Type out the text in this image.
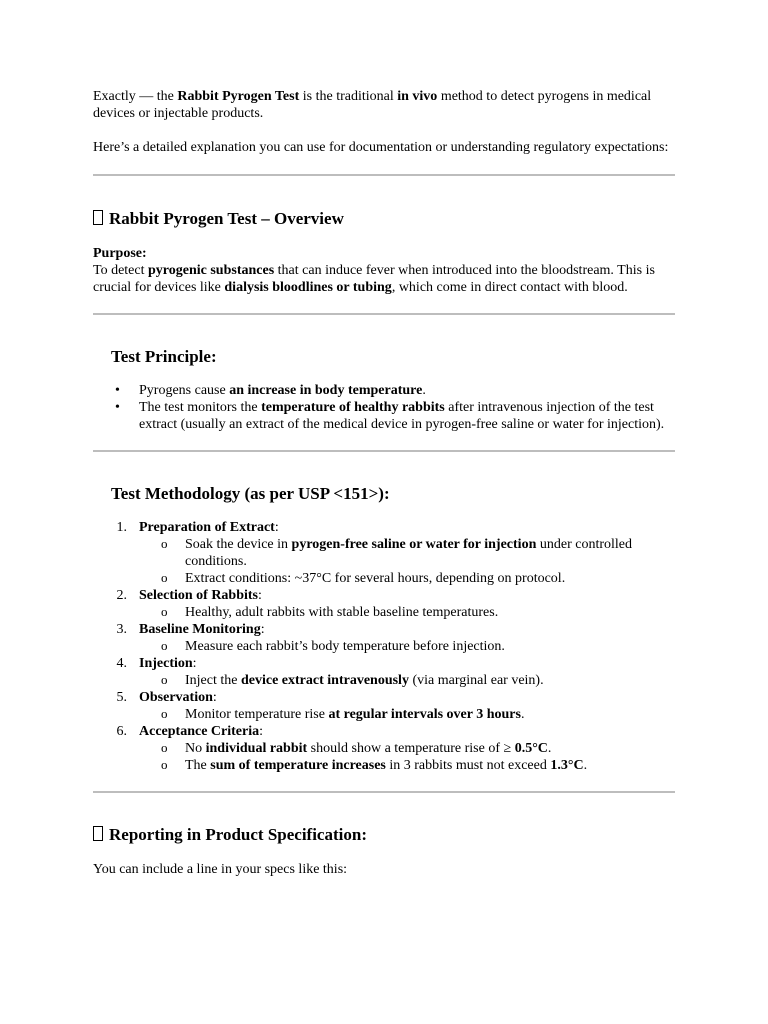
Exactly — the Rabbit Pyrogen Test is the traditional in vivo method to detect pyrogens in medical devices or injectable products.

Here’s a detailed explanation you can use for documentation or understanding regulatory expectations:

Rabbit Pyrogen Test – Overview

Purpose:

To detect pyrogenic substances that can induce fever when introduced into the bloodstream. This is crucial for devices like dialysis bloodlines or tubing, which come in direct contact with blood.

Test Principle:
• Pyrogens cause an increase in body temperature.
• The test monitors the temperature of healthy rabbits after intravenous injection of the test extract (usually an extract of the medical device in pyrogen-free saline or water for injection).
Test Methodology (as per USP <151>):
1. Preparation of Extract:
o Soak the device in pyrogen-free saline or water for injection under controlled conditions.
o Extract conditions: ~37°C for several hours, depending on protocol.
2. Selection of Rabbits:
o Healthy, adult rabbits with stable baseline temperatures.
3. Baseline Monitoring:
o Measure each rabbit’s body temperature before injection.
4. Injection:
o Inject the device extract intravenously (via marginal ear vein).
5. Observation:
o Monitor temperature rise at regular intervals over 3 hours.
6. Acceptance Criteria:
o No individual rabbit should show a temperature rise of ≥ 0.5°C.
o The sum of temperature increases in 3 rabbits must not exceed 1.3°C.
Reporting in Product Specification:

You can include a line in your specs like this:
